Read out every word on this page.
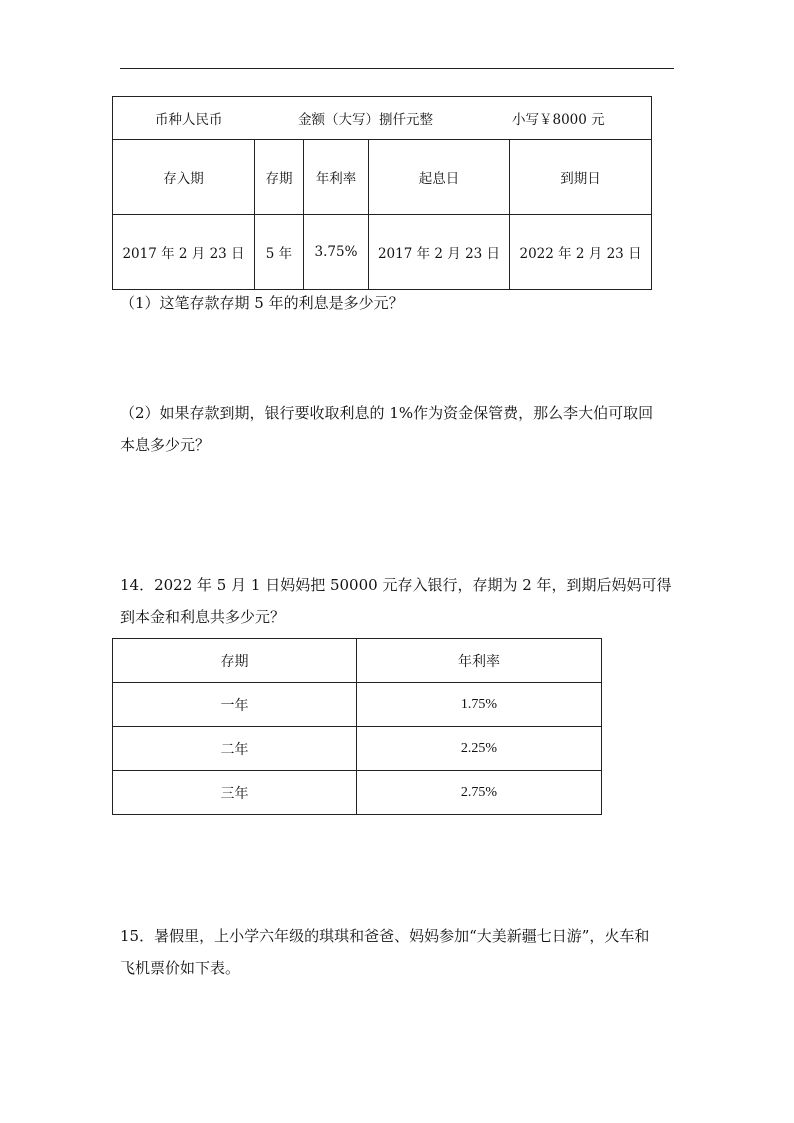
币种人民币 金额（大写）捌仟元整 小写￥8000 元				

存入期	存期	年利率	起息日	到期日
2017 年 2 月 23 日	5 年	3.75%	2017 年 2 月 23 日	2022 年 2 月 23 日

（1）这笔存款存期 5 年的利息是多少元？

（2）如果存款到期，银行要收取利息的 1%作为资金保管费，那么李大伯可取回

本息多少元？

14．2022 年 5 月 1 日妈妈把 50000 元存入银行，存期为 2 年，到期后妈妈可得

到本金和利息共多少元？

存期	年利率
一年	1.75%
二年	2.25%
三年	2.75%

15．暑假里，上小学六年级的琪琪和爸爸、妈妈参加“大美新疆七日游”，火车和

飞机票价如下表。
